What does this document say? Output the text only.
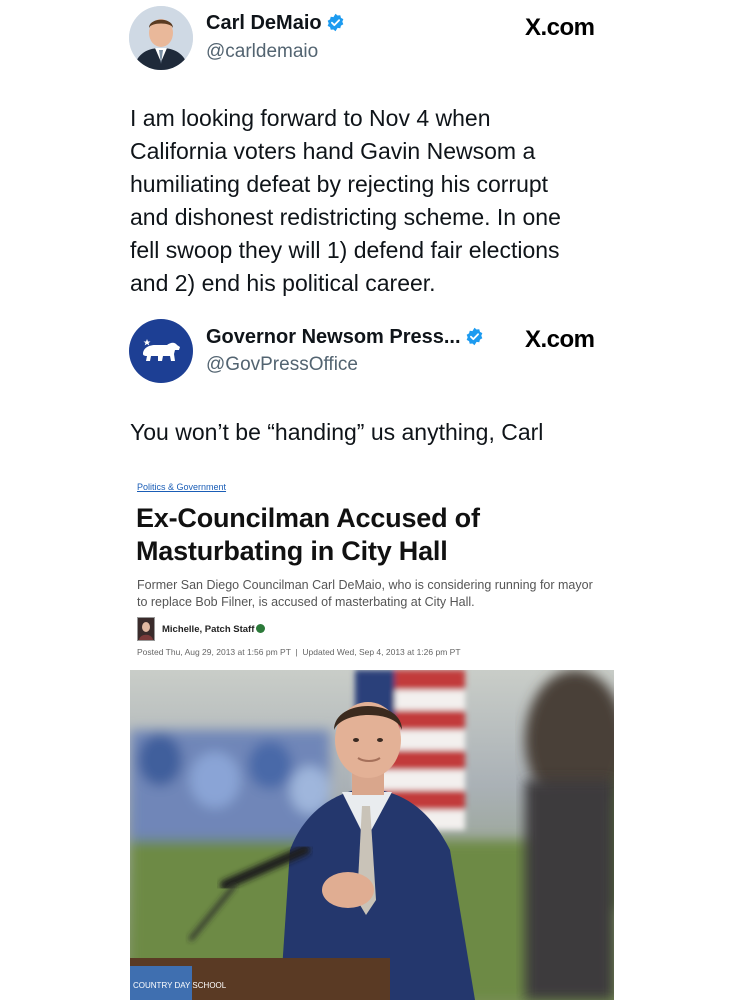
Carl DeMaio
@carldemaio
X.com
I am looking forward to Nov 4 when
California voters hand Gavin Newsom a
humiliating defeat by rejecting his corrupt
and dishonest redistricting scheme. In one
fell swoop they will 1) defend fair elections
and 2) end his political career.
Governor Newsom Press...
@GovPressOffice
X.com
You won’t be “handing” us anything, Carl
Politics & Government
Ex-Councilman Accused of
Masturbating in City Hall
Former San Diego Councilman Carl DeMaio, who is considering running for mayor
to replace Bob Filner, is accused of masterbating at City Hall.
Michelle, Patch Staff
Posted Thu, Aug 29, 2013 at 1:56 pm PT  |  Updated Wed, Sep 4, 2013 at 1:26 pm PT
COUNTRY DAY SCHOOL
